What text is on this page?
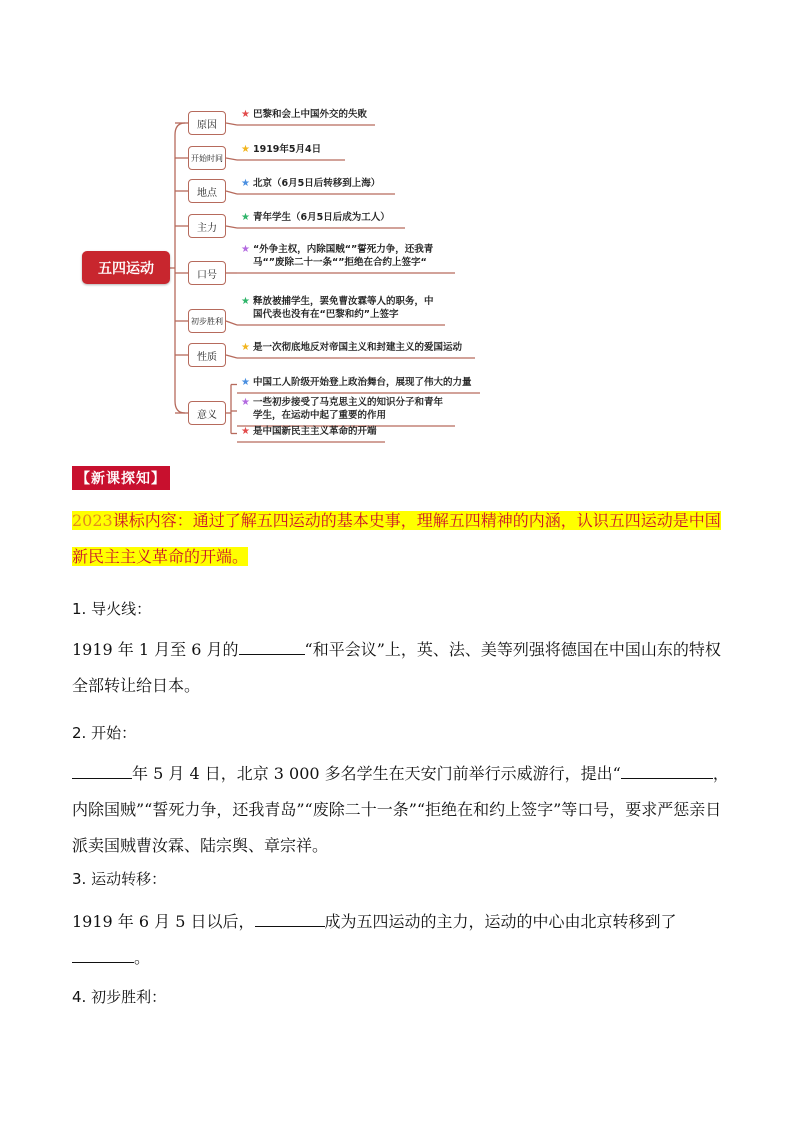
五四运动
原因
★ 巴黎和会上中国外交的失败
开始时间
★ 1919年5月4日
地点
★ 北京（6月5日后转移到上海）
主力
★ 青年学生（6月5日后成为工人）
口号
★ “外争主权，内除国贼“”誓死力争，还我青
马“”废除二十一条“”拒绝在合约上签字“
初步胜利
★ 释放被捕学生，罢免曹汝霖等人的职务，中
国代表也没有在“巴黎和约”上签字
性质
★ 是一次彻底地反对帝国主义和封建主义的爱国运动
意义
★ 中国工人阶级开始登上政治舞台，展现了伟大的力量
★ 一些初步接受了马克思主义的知识分子和青年
学生，在运动中起了重要的作用
★ 是中国新民主主义革命的开端
【新课探知】
2023课标内容：通过了解五四运动的基本史事，理解五四精神的内涵，认识五四运动是中国新民主主义革命的开端。
1. 导火线：
1919 年 1 月至 6 月的	“和平会议”上，英、法、美等列强将德国在中国山东的特权全部转让给日本。
2. 开始：
年 5 月 4 日，北京 3 000 多名学生在天安门前举行示威游行，提出“	，内除国贼”“誓死力争，还我青岛”“废除二十一条”“拒绝在和约上签字”等口号，要求严惩亲日派卖国贼曹汝霖、陆宗舆、章宗祥。
3. 运动转移：
1919 年 6 月 5 日以后，	成为五四运动的主力，运动的中心由北京转移到了。
4. 初步胜利：
